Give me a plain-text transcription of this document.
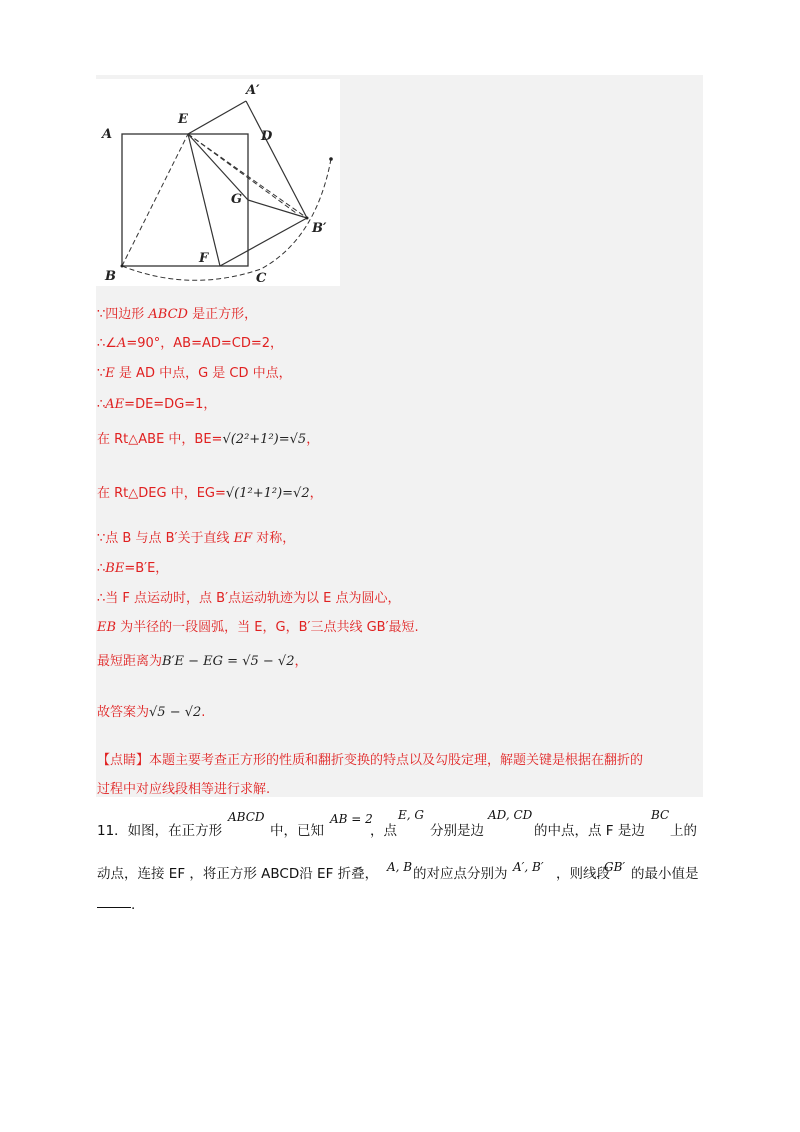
A
A′
E
D
G
B′
F
B	C
∵四边形 ABCD 是正方形，
∴∠A=90°，AB=AD=CD=2，
∵E 是 AD 中点，G 是 CD 中点，
∴AE=DE=DG=1，
在 Rt△ABE 中，BE=√(2²+1²)=√5，
在 Rt△DEG 中，EG=√(1²+1²)=√2，
∵点 B 与点 B′关于直线 EF 对称，
∴BE=B′E，
∴当 F 点运动时，点 B′点运动轨迹为以 E 点为圆心，
EB 为半径的一段圆弧，当 E，G，B′三点共线 GB′最短.
最短距离为B′E − EG = √5 − √2，
故答案为√5 − √2.
【点睛】本题主要考查正方形的性质和翻折变换的特点以及勾股定理，解题关键是根据在翻折的
过程中对应线段相等进行求解.
11．如图，在正方形
ABCD
中，已知
AB = 2
，点
E, G
分别是边
AD, CD
的中点，点 F 是边
BC
上的
动点，连接 EF ，将正方形 ABCD沿 EF 折叠， A, B 的对应点分别为 A′, B′ ，则线段
GB′ 的最小值是
.
